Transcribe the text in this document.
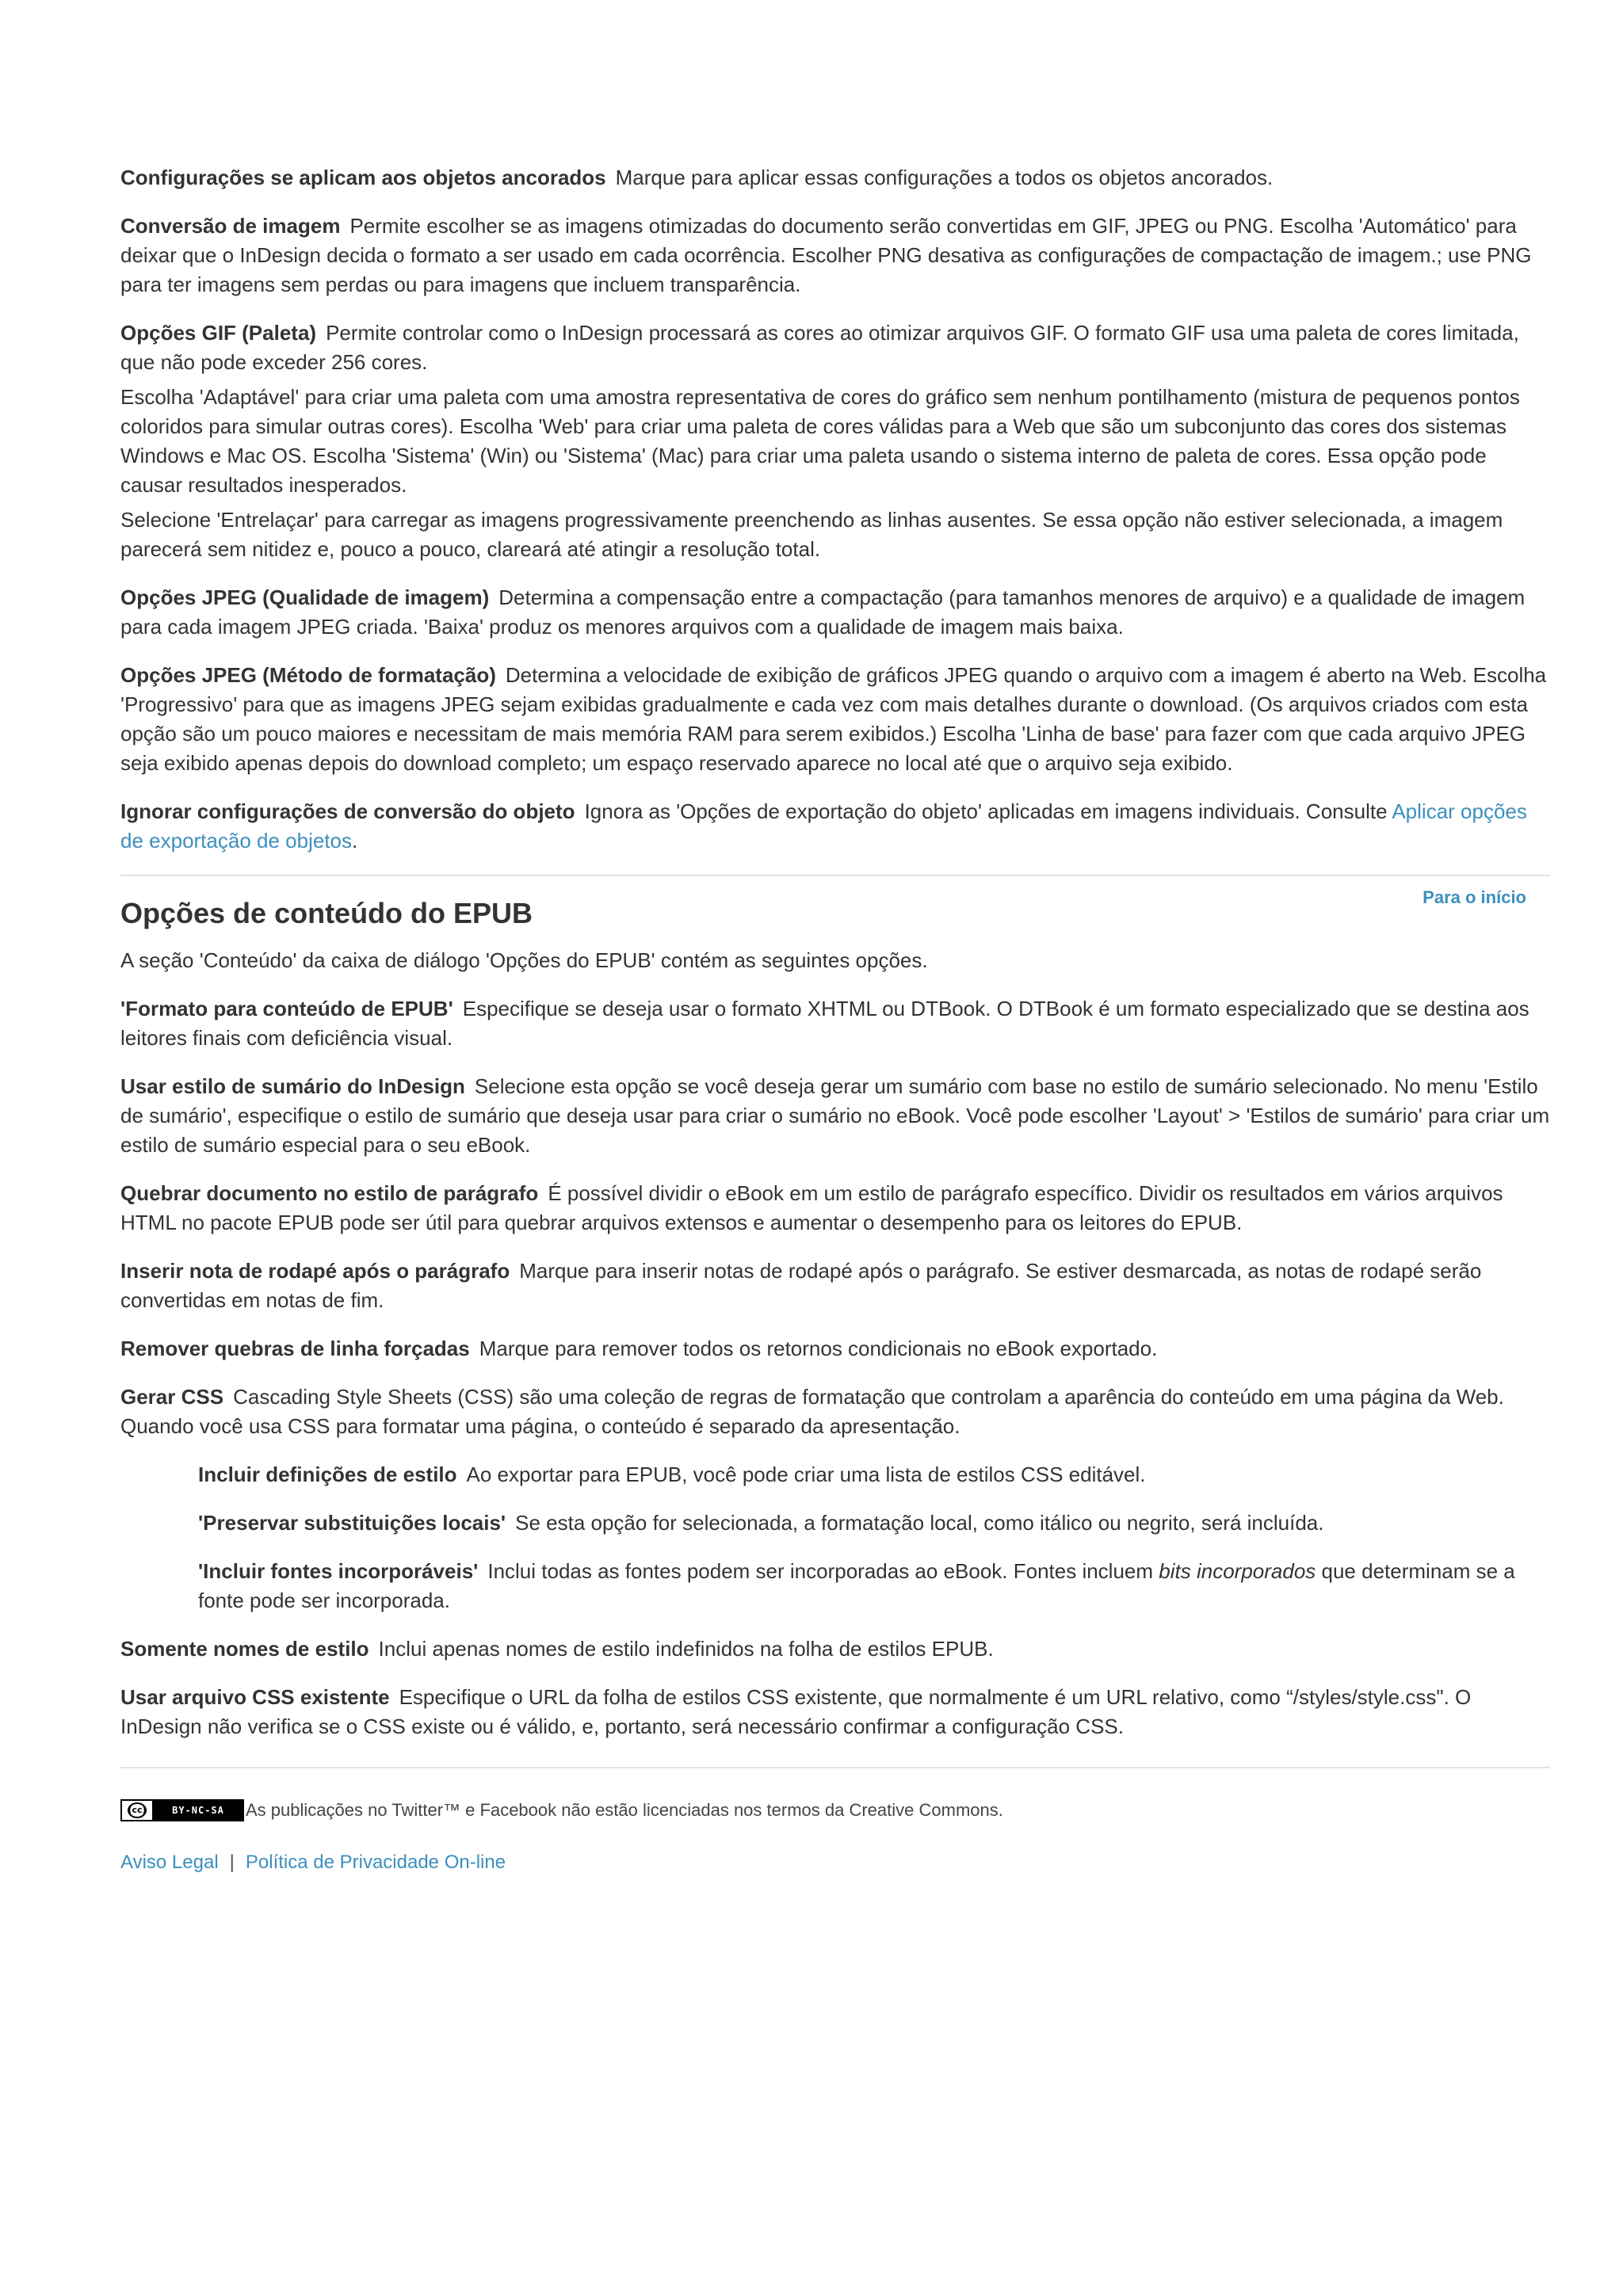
Configurações se aplicam aos objetos ancorados Marque para aplicar essas configurações a todos os objetos ancorados.

Conversão de imagem Permite escolher se as imagens otimizadas do documento serão convertidas em GIF, JPEG ou PNG. Escolha 'Automático' para deixar que o InDesign decida o formato a ser usado em cada ocorrência. Escolher PNG desativa as configurações de compactação de imagem.; use PNG para ter imagens sem perdas ou para imagens que incluem transparência.

Opções GIF (Paleta) Permite controlar como o InDesign processará as cores ao otimizar arquivos GIF. O formato GIF usa uma paleta de cores limitada, que não pode exceder 256 cores.

Escolha 'Adaptável' para criar uma paleta com uma amostra representativa de cores do gráfico sem nenhum pontilhamento (mistura de pequenos pontos coloridos para simular outras cores). Escolha 'Web' para criar uma paleta de cores válidas para a Web que são um subconjunto das cores dos sistemas Windows e Mac OS. Escolha 'Sistema' (Win) ou 'Sistema' (Mac) para criar uma paleta usando o sistema interno de paleta de cores. Essa opção pode causar resultados inesperados.

Selecione 'Entrelaçar' para carregar as imagens progressivamente preenchendo as linhas ausentes. Se essa opção não estiver selecionada, a imagem parecerá sem nitidez e, pouco a pouco, clareará até atingir a resolução total.

Opções JPEG (Qualidade de imagem) Determina a compensação entre a compactação (para tamanhos menores de arquivo) e a qualidade de imagem para cada imagem JPEG criada. 'Baixa' produz os menores arquivos com a qualidade de imagem mais baixa.

Opções JPEG (Método de formatação) Determina a velocidade de exibição de gráficos JPEG quando o arquivo com a imagem é aberto na Web. Escolha 'Progressivo' para que as imagens JPEG sejam exibidas gradualmente e cada vez com mais detalhes durante o download. (Os arquivos criados com esta opção são um pouco maiores e necessitam de mais memória RAM para serem exibidos.) Escolha 'Linha de base' para fazer com que cada arquivo JPEG seja exibido apenas depois do download completo; um espaço reservado aparece no local até que o arquivo seja exibido.

Ignorar configurações de conversão do objeto Ignora as 'Opções de exportação do objeto' aplicadas em imagens individuais. Consulte Aplicar opções de exportação de objetos.

Opções de conteúdo do EPUB	Para o início

A seção 'Conteúdo' da caixa de diálogo 'Opções do EPUB' contém as seguintes opções.

'Formato para conteúdo de EPUB' Especifique se deseja usar o formato XHTML ou DTBook. O DTBook é um formato especializado que se destina aos leitores finais com deficiência visual.

Usar estilo de sumário do InDesign Selecione esta opção se você deseja gerar um sumário com base no estilo de sumário selecionado. No menu 'Estilo de sumário', especifique o estilo de sumário que deseja usar para criar o sumário no eBook. Você pode escolher 'Layout' > 'Estilos de sumário' para criar um estilo de sumário especial para o seu eBook.

Quebrar documento no estilo de parágrafo É possível dividir o eBook em um estilo de parágrafo específico. Dividir os resultados em vários arquivos HTML no pacote EPUB pode ser útil para quebrar arquivos extensos e aumentar o desempenho para os leitores do EPUB.

Inserir nota de rodapé após o parágrafo Marque para inserir notas de rodapé após o parágrafo. Se estiver desmarcada, as notas de rodapé serão convertidas em notas de fim.

Remover quebras de linha forçadas Marque para remover todos os retornos condicionais no eBook exportado.

Gerar CSS Cascading Style Sheets (CSS) são uma coleção de regras de formatação que controlam a aparência do conteúdo em uma página da Web. Quando você usa CSS para formatar uma página, o conteúdo é separado da apresentação.

Incluir definições de estilo Ao exportar para EPUB, você pode criar uma lista de estilos CSS editável.

'Preservar substituições locais' Se esta opção for selecionada, a formatação local, como itálico ou negrito, será incluída.

'Incluir fontes incorporáveis' Inclui todas as fontes podem ser incorporadas ao eBook. Fontes incluem bits incorporados que determinam se a fonte pode ser incorporada.

Somente nomes de estilo Inclui apenas nomes de estilo indefinidos na folha de estilos EPUB.

Usar arquivo CSS existente Especifique o URL da folha de estilos CSS existente, que normalmente é um URL relativo, como “/styles/style.css". O InDesign não verifica se o CSS existe ou é válido, e, portanto, será necessário confirmar a configuração CSS.

(cc)	BY-NC-SA	As publicações no Twitter™ e Facebook não estão licenciadas nos termos da Creative Commons.
Aviso Legal | Política de Privacidade On-line
